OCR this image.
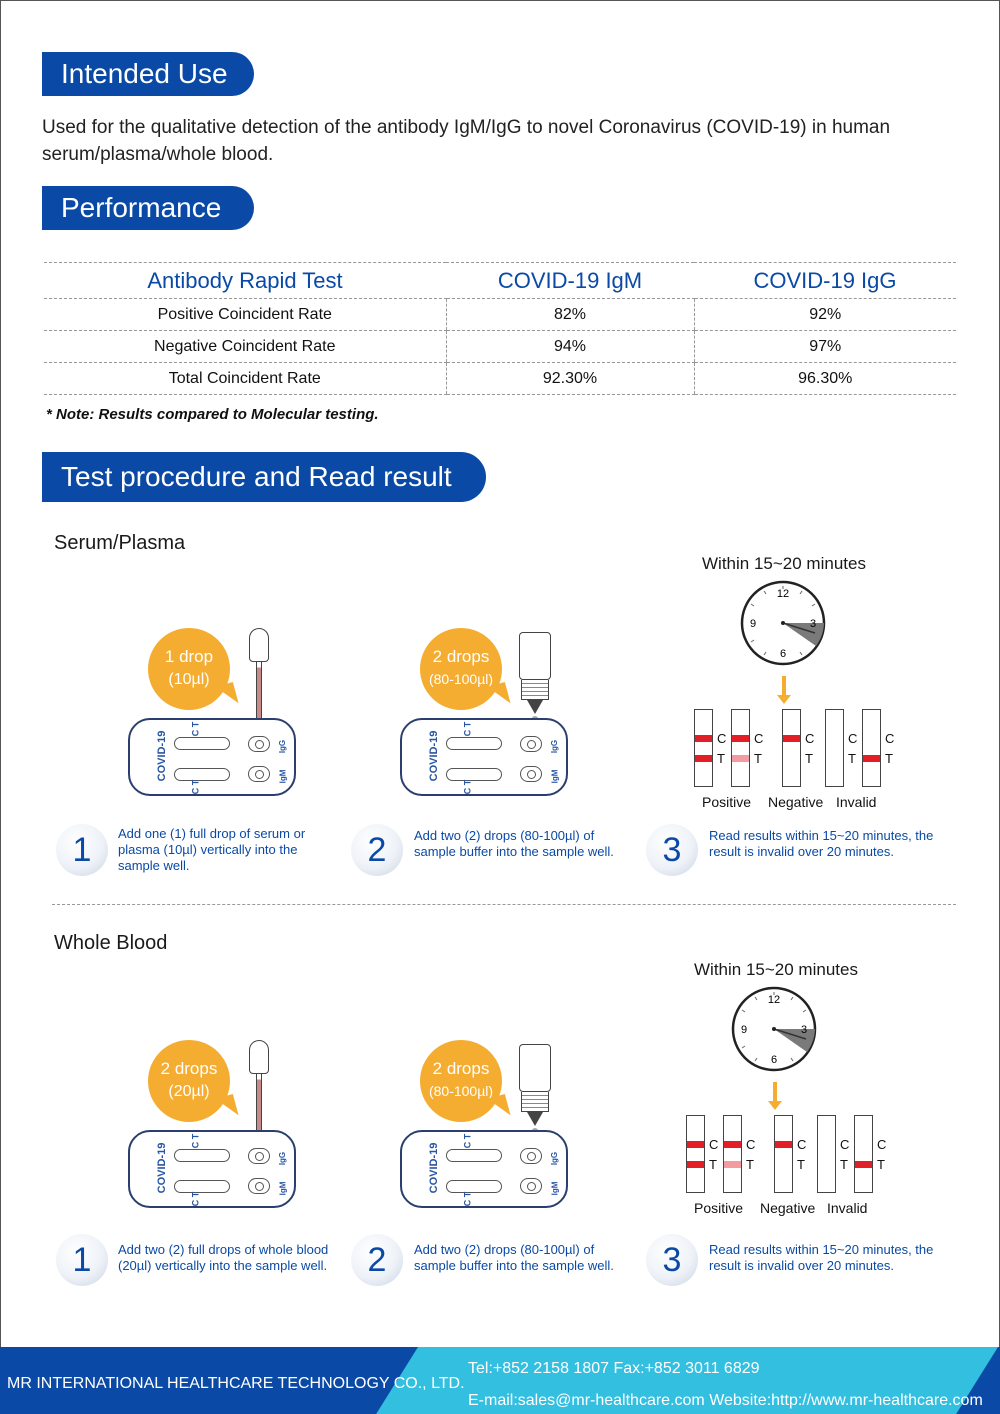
Intended Use

Used for the qualitative detection of the antibody IgM/IgG to novel Coronavirus (COVID-19) in human serum/plasma/whole blood.

Performance
Antibody Rapid Test	COVID-19 IgM	COVID-19 IgG
Positive Coincident Rate	82%	92%
Negative Coincident Rate	94%	97%
Total Coincident Rate	92.30%	96.30%
* Note: Results compared to Molecular testing.
Test procedure and Read result
Serum/Plasma
Within 15~20 minutes
12
3
6
9
C
T
C
T
C
T
C
T
C
T
Positive Negative Invalid
1 drop
(10µl)
COVID-19 C T
C T
IgG
IgM
2 drops
(80-100µl)
COVID-19 C T
C T
IgG
IgM
1	Add one (1) full drop of serum or plasma (10µl) vertically into the sample well.	2	Add two (2) drops (80-100µl) of sample buffer into the sample well.	3	Read results within 15~20 minutes, the result is invalid over 20 minutes.
Whole Blood
Within 15~20 minutes
12
3
6
9
C
T
C
T
C
T
C
T
C
T
Positive Negative Invalid
2 drops
(20µl)
COVID-19 C T
C T
IgG
IgM
2 drops
(80-100µl)
COVID-19 C T
C T
IgG
IgM
1	Add two (2) full drops of whole blood (20µl) vertically into the sample well.	2	Add two (2) drops (80-100µl) of sample buffer into the sample well.	3	Read results within 15~20 minutes, the result is invalid over 20 minutes.
MR INTERNATIONAL HEALTHCARE TECHNOLOGY CO., LTD.
Tel:+852 2158 1807 Fax:+852 3011 6829
E-mail:sales@mr-healthcare.com Website:http://www.mr-healthcare.com
